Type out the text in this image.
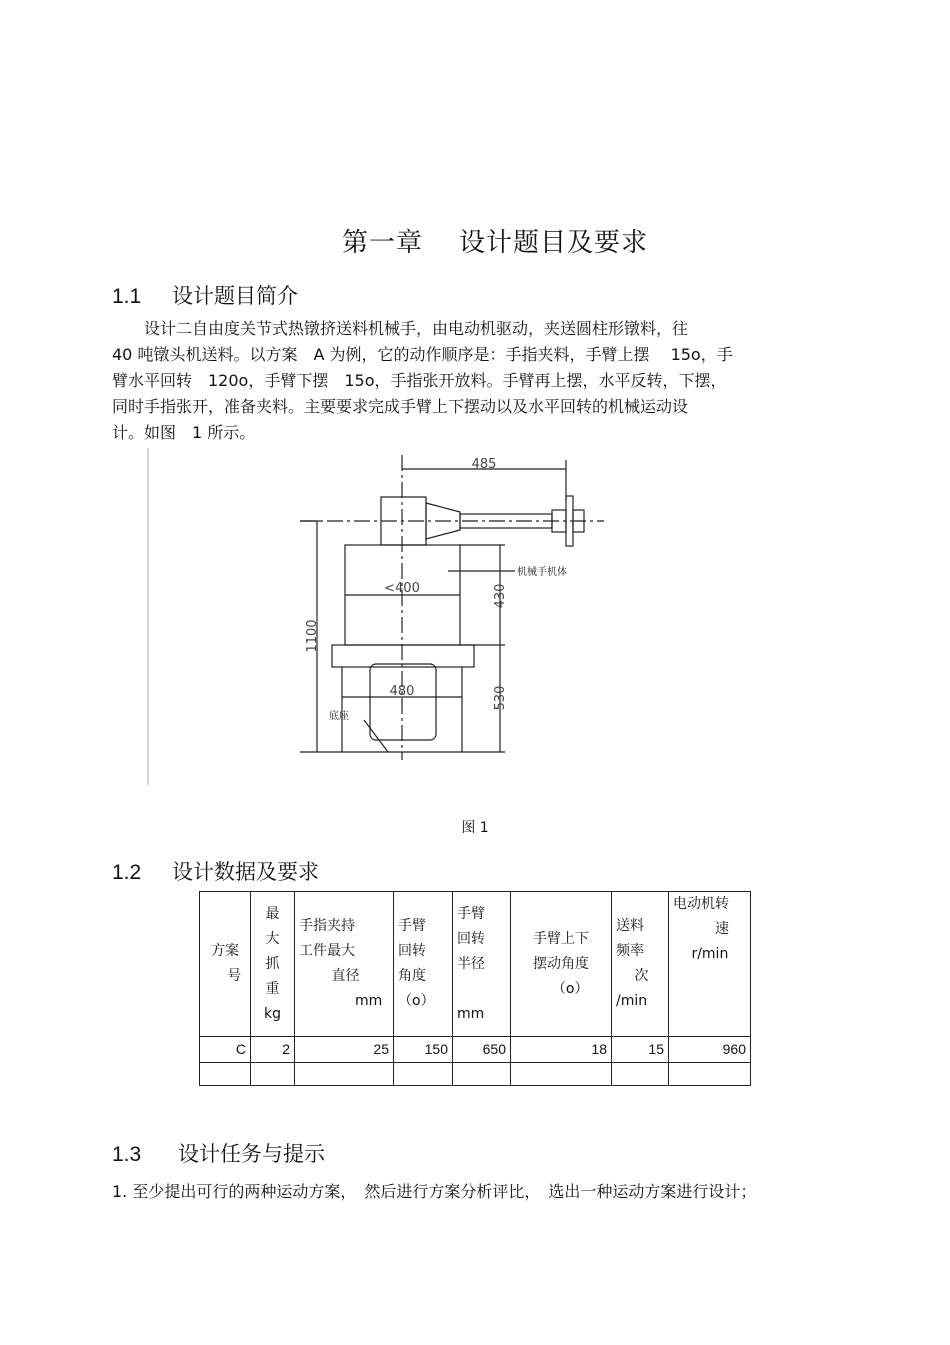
第一章 设计题目及要求
1.1 设计题目简介
　　设计二自由度关节式热镦挤送料机械手，由电动机驱动，夹送圆柱形镦料，往
40 吨镦头机送料。以方案　A 为例，它的动作顺序是：手指夹料，手臂上摆　 15o，手
臂水平回转　120o，手臂下摆　15o，手指张开放料。手臂再上摆，水平反转，下摆，
同时手指张开，准备夹料。主要要求完成手臂上下摆动以及水平回转的机械运动设
计。如图　1 所示。
485
<400	430
1100
480	530
机械手机体
底座
图 1
1.2 设计数据及要求
方案
　 号	最
大
抓
重
kg	手指夹持
工件最大
　　 直径
　　　　mm	手臂
回转
角度
（o）	手臂
回转
半径
　　mm	手臂上下
摆动角度
　 （o）	送料
频率
　 次
/min	电动机转
　　　速
　 r/min

C	2	25	150	650	18	15	960

1.3 设计任务与提示
1. 至少提出可行的两种运动方案，　然后进行方案分析评比，　选出一种运动方案进行设计；
